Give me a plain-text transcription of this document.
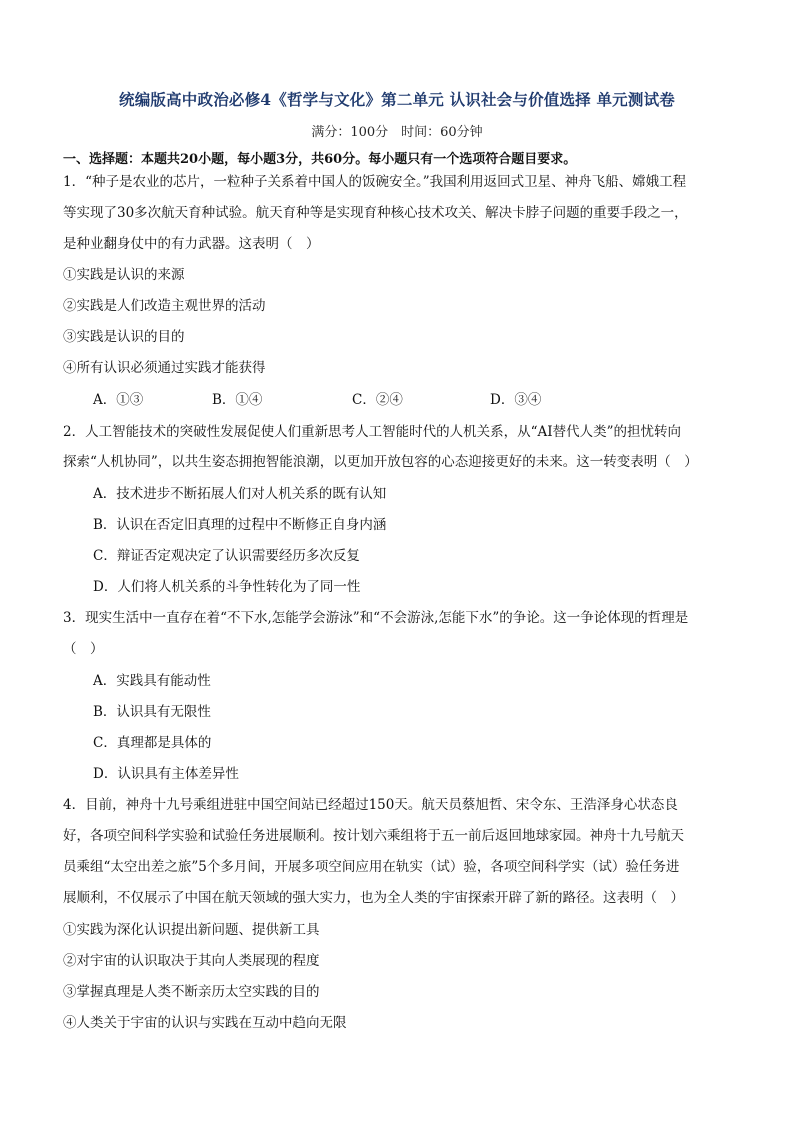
统编版高中政治必修4《哲学与文化》第二单元 认识社会与价值选择 单元测试卷
满分：100分　时间：60分钟
一、选择题：本题共20小题，每小题3分，共60分。每小题只有一个选项符合题目要求。
1．“种子是农业的芯片，一粒种子关系着中国人的饭碗安全。”我国利用返回式卫星、神舟飞船、嫦娥工程
等实现了30多次航天育种试验。航天育种等是实现育种核心技术攻关、解决卡脖子问题的重要手段之一，
是种业翻身仗中的有力武器。这表明（　）
①实践是认识的来源
②实践是人们改造主观世界的活动
③实践是认识的目的
④所有认识必须通过实践才能获得
A．①③	B．①④	C．②④	D．③④
2．人工智能技术的突破性发展促使人们重新思考人工智能时代的人机关系，从“AI替代人类”的担忧转向
探索“人机协同”，以共生姿态拥抱智能浪潮，以更加开放包容的心态迎接更好的未来。这一转变表明（　）
A．技术进步不断拓展人们对人机关系的既有认知
B．认识在否定旧真理的过程中不断修正自身内涵
C．辩证否定观决定了认识需要经历多次反复
D．人们将人机关系的斗争性转化为了同一性
3．现实生活中一直存在着“不下水,怎能学会游泳”和“不会游泳,怎能下水”的争论。这一争论体现的哲理是
（　）
A．实践具有能动性
B．认识具有无限性
C．真理都是具体的
D．认识具有主体差异性
4．目前，神舟十九号乘组进驻中国空间站已经超过150天。航天员蔡旭哲、宋令东、王浩泽身心状态良
好，各项空间科学实验和试验任务进展顺利。按计划六乘组将于五一前后返回地球家园。神舟十九号航天
员乘组“太空出差之旅”5个多月间，开展多项空间应用在轨实（试）验，各项空间科学实（试）验任务进
展顺利，不仅展示了中国在航天领域的强大实力，也为全人类的宇宙探索开辟了新的路径。这表明（　）
①实践为深化认识提出新问题、提供新工具
②对宇宙的认识取决于其向人类展现的程度
③掌握真理是人类不断亲历太空实践的目的
④人类关于宇宙的认识与实践在互动中趋向无限
